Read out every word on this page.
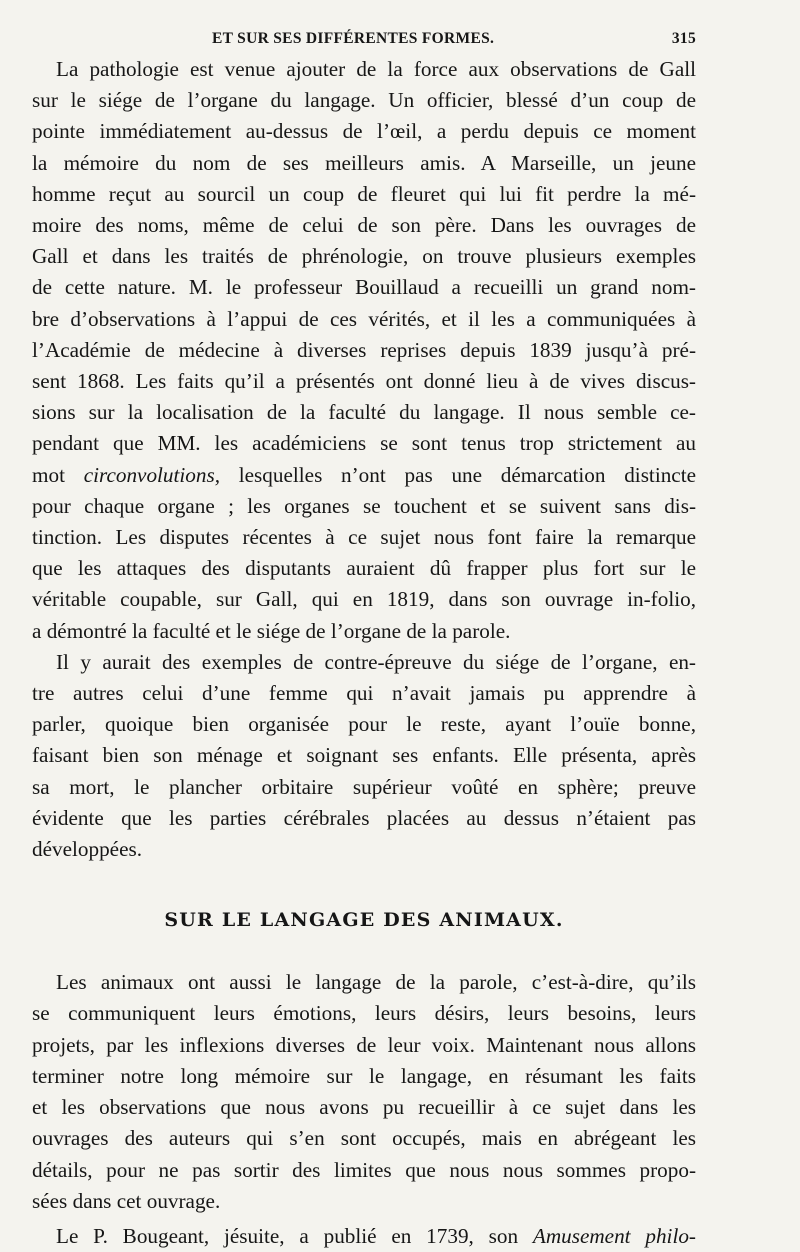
ET SUR SES DIFFÉRENTES FORMES.	315

La pathologie est venue ajouter de la force aux observations de Gall

sur le siége de l’organe du langage. Un officier, blessé d’un coup de

pointe immédiatement au-dessus de l’œil, a perdu depuis ce moment

la mémoire du nom de ses meilleurs amis. A Marseille, un jeune

homme reçut au sourcil un coup de fleuret qui lui fit perdre la mé-

moire des noms, même de celui de son père. Dans les ouvrages de

Gall et dans les traités de phrénologie, on trouve plusieurs exemples

de cette nature. M. le professeur Bouillaud a recueilli un grand nom-

bre d’observations à l’appui de ces vérités, et il les a communiquées à

l’Académie de médecine à diverses reprises depuis 1839 jusqu’à pré-

sent 1868. Les faits qu’il a présentés ont donné lieu à de vives discus-

sions sur la localisation de la faculté du langage. Il nous semble ce-

pendant que MM. les académiciens se sont tenus trop strictement au

mot circonvolutions, lesquelles n’ont pas une démarcation distincte

pour chaque organe ; les organes se touchent et se suivent sans dis-

tinction. Les disputes récentes à ce sujet nous font faire la remarque

que les attaques des disputants auraient dû frapper plus fort sur le

véritable coupable, sur Gall, qui en 1819, dans son ouvrage in-folio,

a démontré la faculté et le siége de l’organe de la parole.

Il y aurait des exemples de contre-épreuve du siége de l’organe, en-

tre autres celui d’une femme qui n’avait jamais pu apprendre à

parler, quoique bien organisée pour le reste, ayant l’ouïe bonne,

faisant bien son ménage et soignant ses enfants. Elle présenta, après

sa mort, le plancher orbitaire supérieur voûté en sphère; preuve

évidente que les parties cérébrales placées au dessus n’étaient pas

développées.

SUR LE LANGAGE DES ANIMAUX.

Les animaux ont aussi le langage de la parole, c’est-à-dire, qu’ils

se communiquent leurs émotions, leurs désirs, leurs besoins, leurs

projets, par les inflexions diverses de leur voix. Maintenant nous allons

terminer notre long mémoire sur le langage, en résumant les faits

et les observations que nous avons pu recueillir à ce sujet dans les

ouvrages des auteurs qui s’en sont occupés, mais en abrégeant les

détails, pour ne pas sortir des limites que nous nous sommes propo-

sées dans cet ouvrage.

Le P. Bougeant, jésuite, a publié en 1739, son Amusement philo-
